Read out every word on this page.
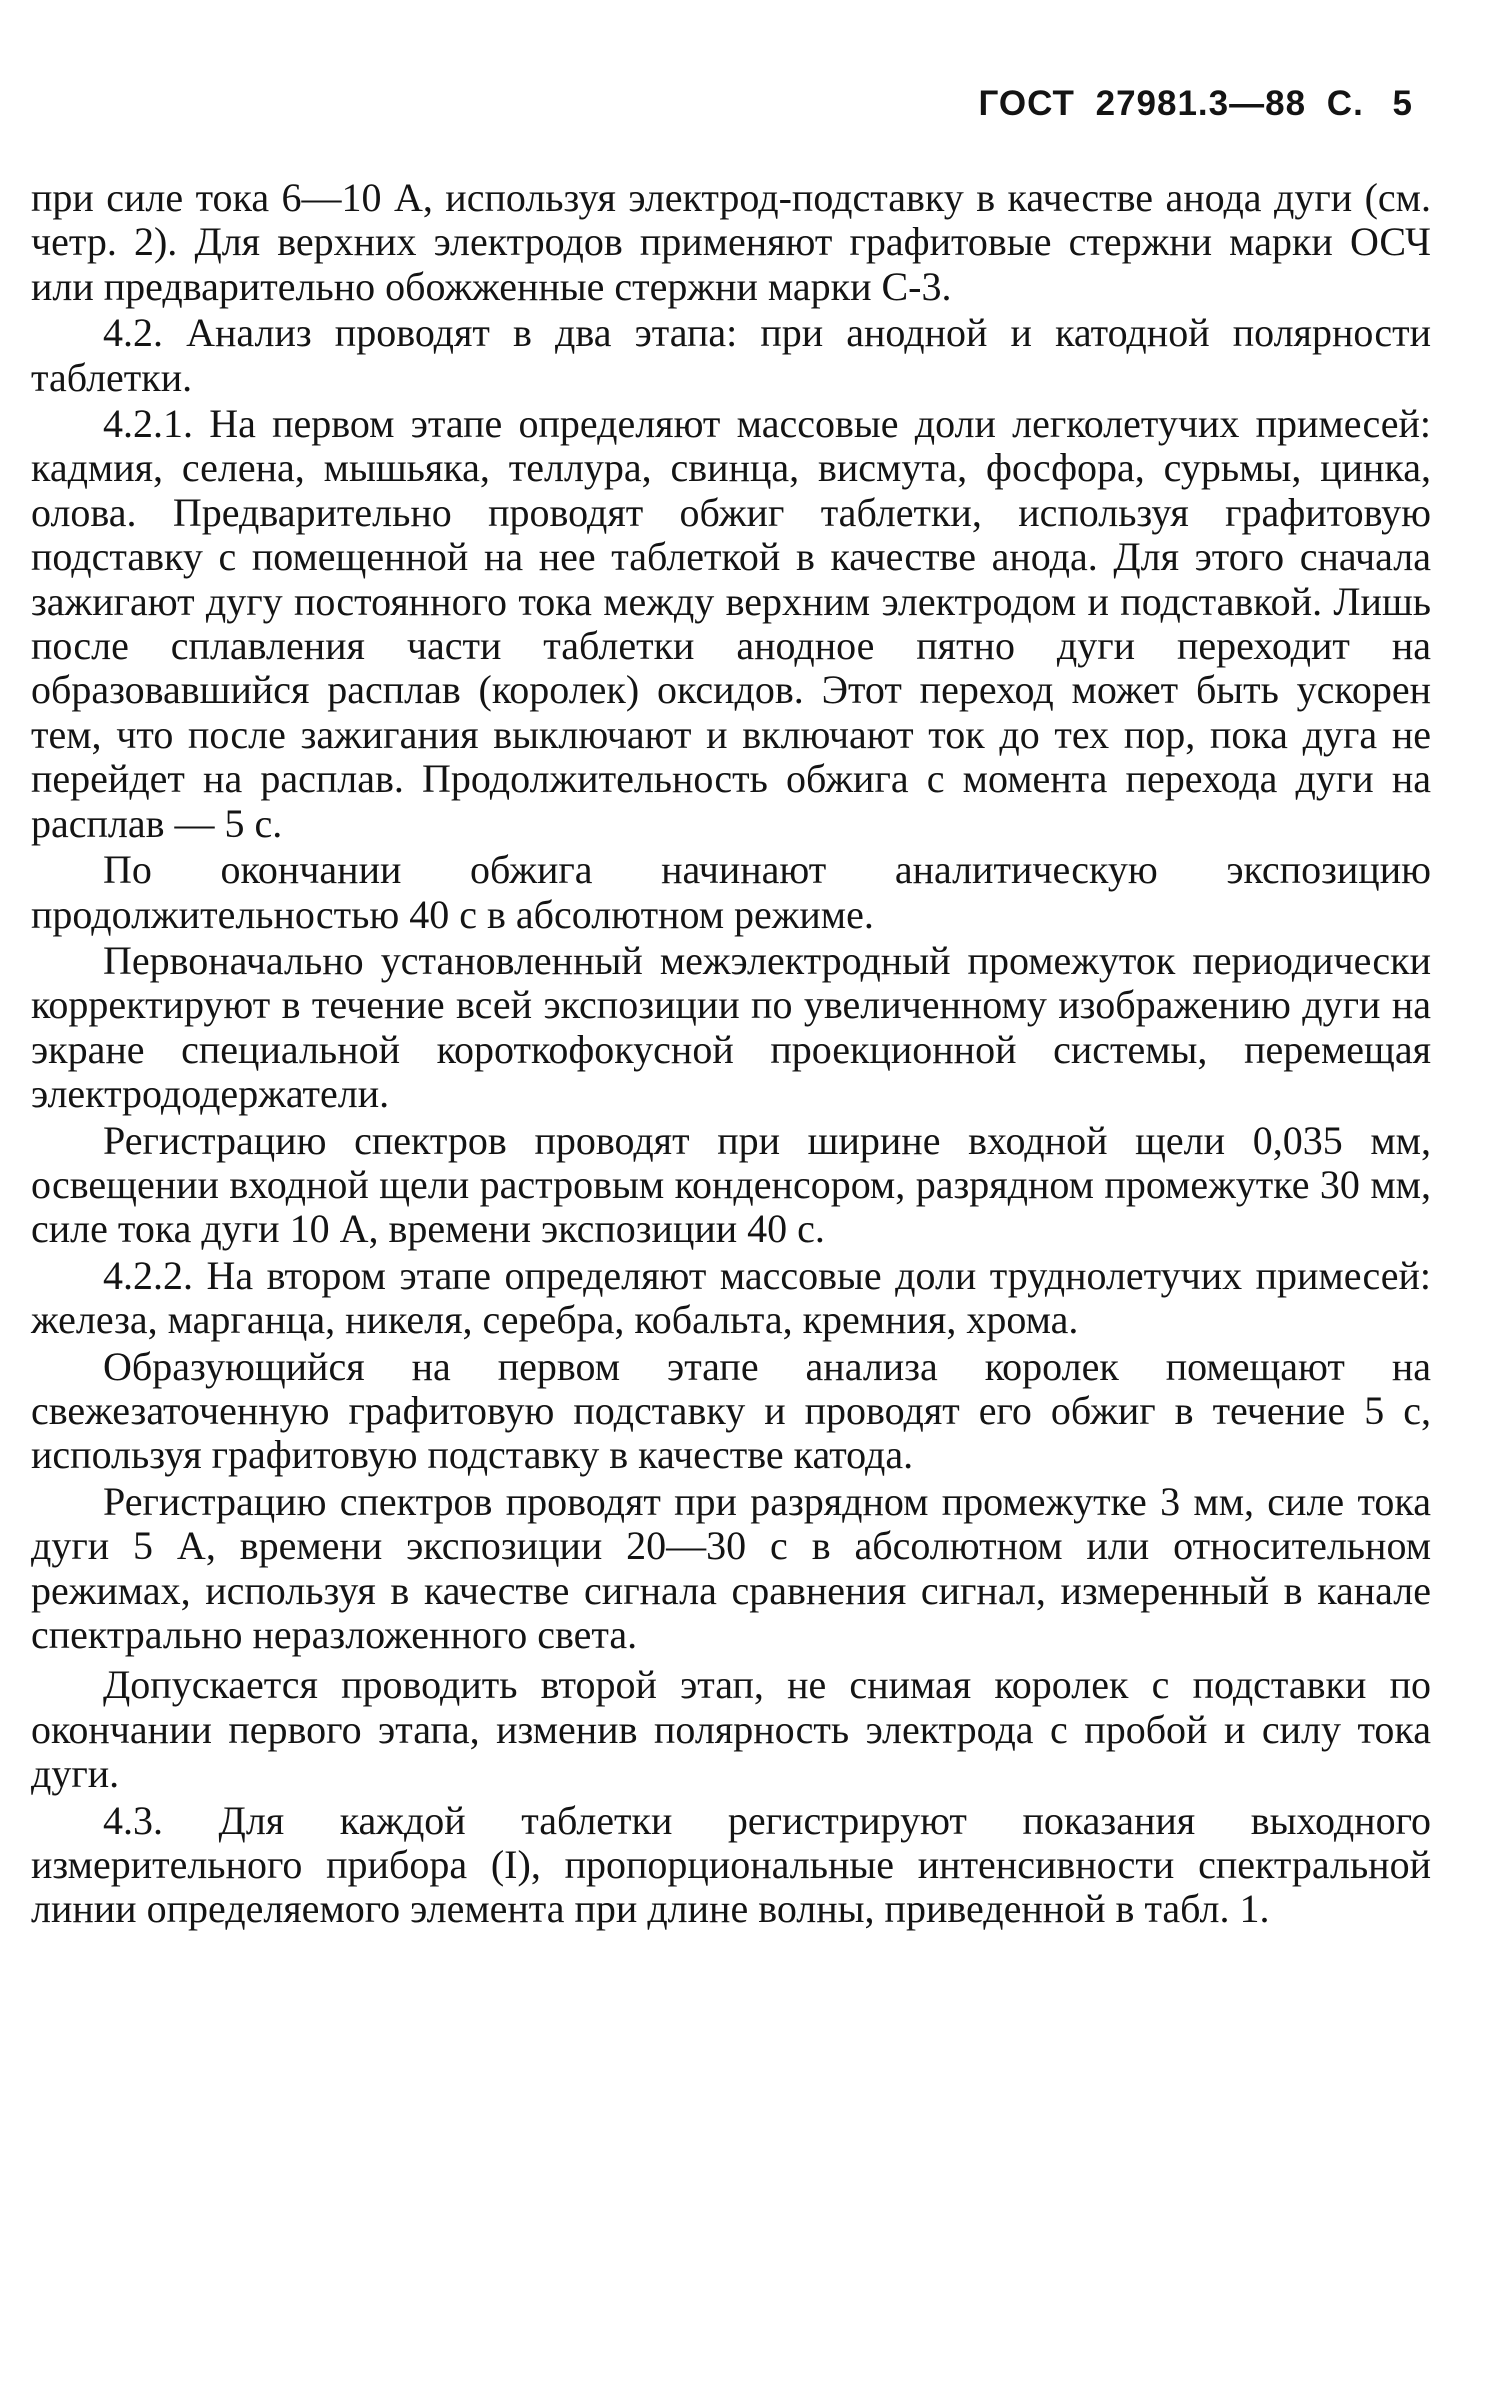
ГОСТ 27981.3—88 С. 5

при силе тока 6—10 А, используя электрод-подставку в качестве анода дуги (см. четр. 2). Для верхних электродов применяют графитовые стержни марки ОСЧ или предварительно обожженные стержни марки С-3.

4.2. Анализ проводят в два этапа: при анодной и катодной полярности таблетки.

4.2.1. На первом этапе определяют массовые доли легколетучих примесей: кадмия, селена, мышьяка, теллура, свинца, висмута, фосфора, сурьмы, цинка, олова. Предварительно проводят обжиг таблетки, используя графитовую подставку с помещенной на нее таблеткой в качестве анода. Для этого сначала зажигают дугу постоянного тока между верхним электродом и подставкой. Лишь после сплавления части таблетки анодное пятно дуги переходит на образовавшийся расплав (королек) оксидов. Этот переход может быть ускорен тем, что после зажигания выключают и включают ток до тех пор, пока дуга не перейдет на расплав. Продолжительность обжига с момента перехода дуги на расплав — 5 с.

По окончании обжига начинают аналитическую экспозицию продолжительностью 40 с в абсолютном режиме.

Первоначально установленный межэлектродный промежуток периодически корректируют в течение всей экспозиции по увеличенному изображению дуги на экране специальной короткофокусной проекционной системы, перемещая электрододержатели.

Регистрацию спектров проводят при ширине входной щели 0,035 мм, освещении входной щели растровым конденсором, разрядном промежутке 30 мм, силе тока дуги 10 А, времени экспозиции 40 с.

4.2.2. На втором этапе определяют массовые доли труднолетучих примесей: железа, марганца, никеля, серебра, кобальта, кремния, хрома.

Образующийся на первом этапе анализа королек помещают на свежезаточенную графитовую подставку и проводят его обжиг в течение 5 с, используя графитовую подставку в качестве катода.

Регистрацию спектров проводят при разрядном промежутке 3 мм, силе тока дуги 5 А, времени экспозиции 20—30 с в абсолютном или относительном режимах, используя в качестве сигнала сравнения сигнал, измеренный в канале спектрально неразложенного света.

Допускается проводить второй этап, не снимая королек с подставки по окончании первого этапа, изменив полярность электрода с пробой и силу тока дуги.

4.3. Для каждой таблетки регистрируют показания выходного измерительного прибора (I), пропорциональные интенсивности спектральной линии определяемого элемента при длине волны, приведенной в табл. 1.
